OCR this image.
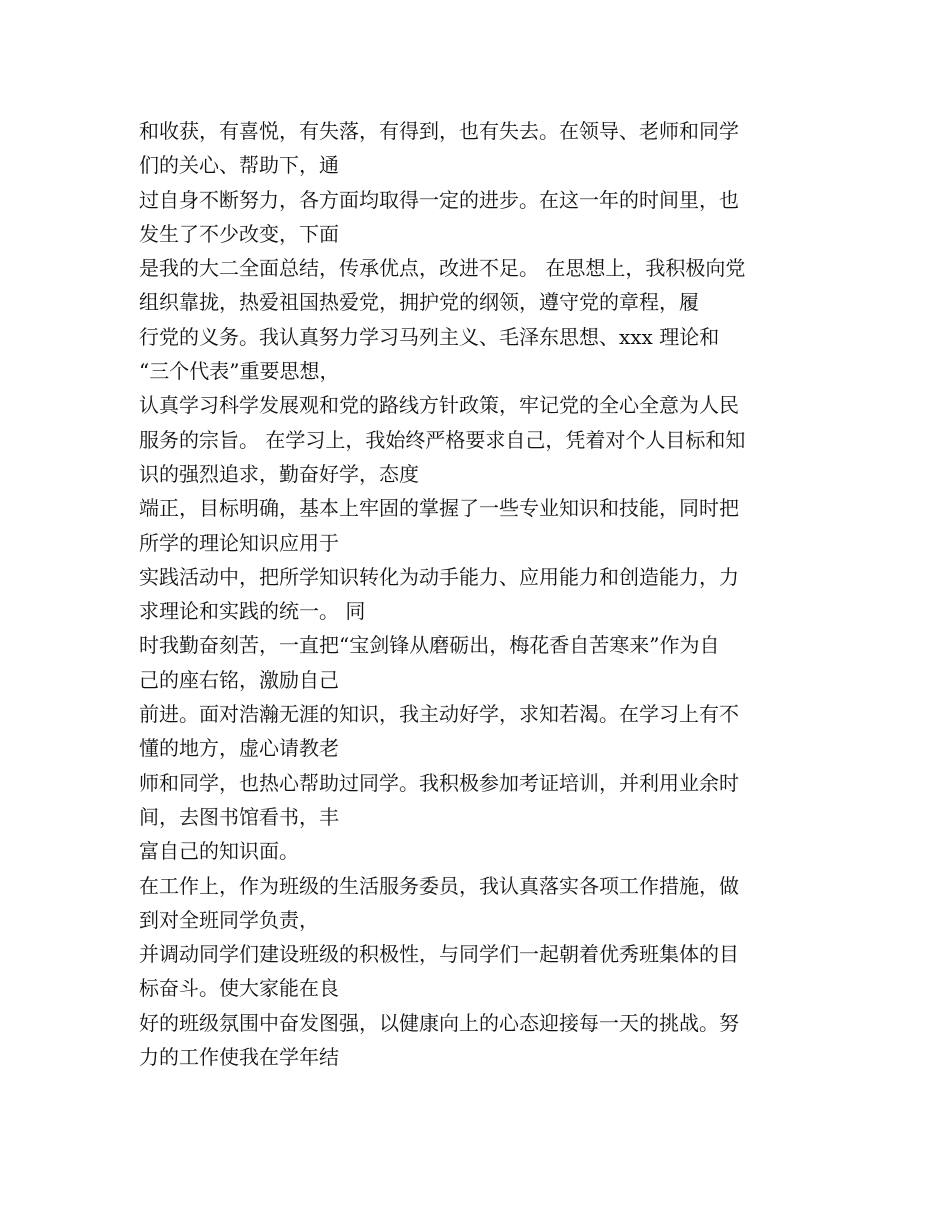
和收获，有喜悦，有失落，有得到，也有失去。在领导、老师和同学
们的关心、帮助下，通
过自身不断努力，各方面均取得一定的进步。在这一年的时间里，也
发生了不少改变，下面
是我的大二全面总结，传承优点，改进不足。 在思想上，我积极向党
组织靠拢，热爱祖国热爱党，拥护党的纲领，遵守党的章程，履
行党的义务。我认真努力学习马列主义、毛泽东思想、xxx 理论和
“三个代表”重要思想，
认真学习科学发展观和党的路线方针政策，牢记党的全心全意为人民
服务的宗旨。 在学习上，我始终严格要求自己，凭着对个人目标和知
识的强烈追求，勤奋好学，态度
端正，目标明确，基本上牢固的掌握了一些专业知识和技能，同时把
所学的理论知识应用于
实践活动中，把所学知识转化为动手能力、应用能力和创造能力，力
求理论和实践的统一。 同
时我勤奋刻苦，一直把“宝剑锋从磨砺出，梅花香自苦寒来”作为自
己的座右铭，激励自己
前进。面对浩瀚无涯的知识，我主动好学，求知若渴。在学习上有不
懂的地方，虚心请教老
师和同学，也热心帮助过同学。我积极参加考证培训，并利用业余时
间，去图书馆看书，丰
富自己的知识面。
在工作上，作为班级的生活服务委员，我认真落实各项工作措施，做
到对全班同学负责，
并调动同学们建设班级的积极性，与同学们一起朝着优秀班集体的目
标奋斗。使大家能在良
好的班级氛围中奋发图强，以健康向上的心态迎接每一天的挑战。努
力的工作使我在学年结
